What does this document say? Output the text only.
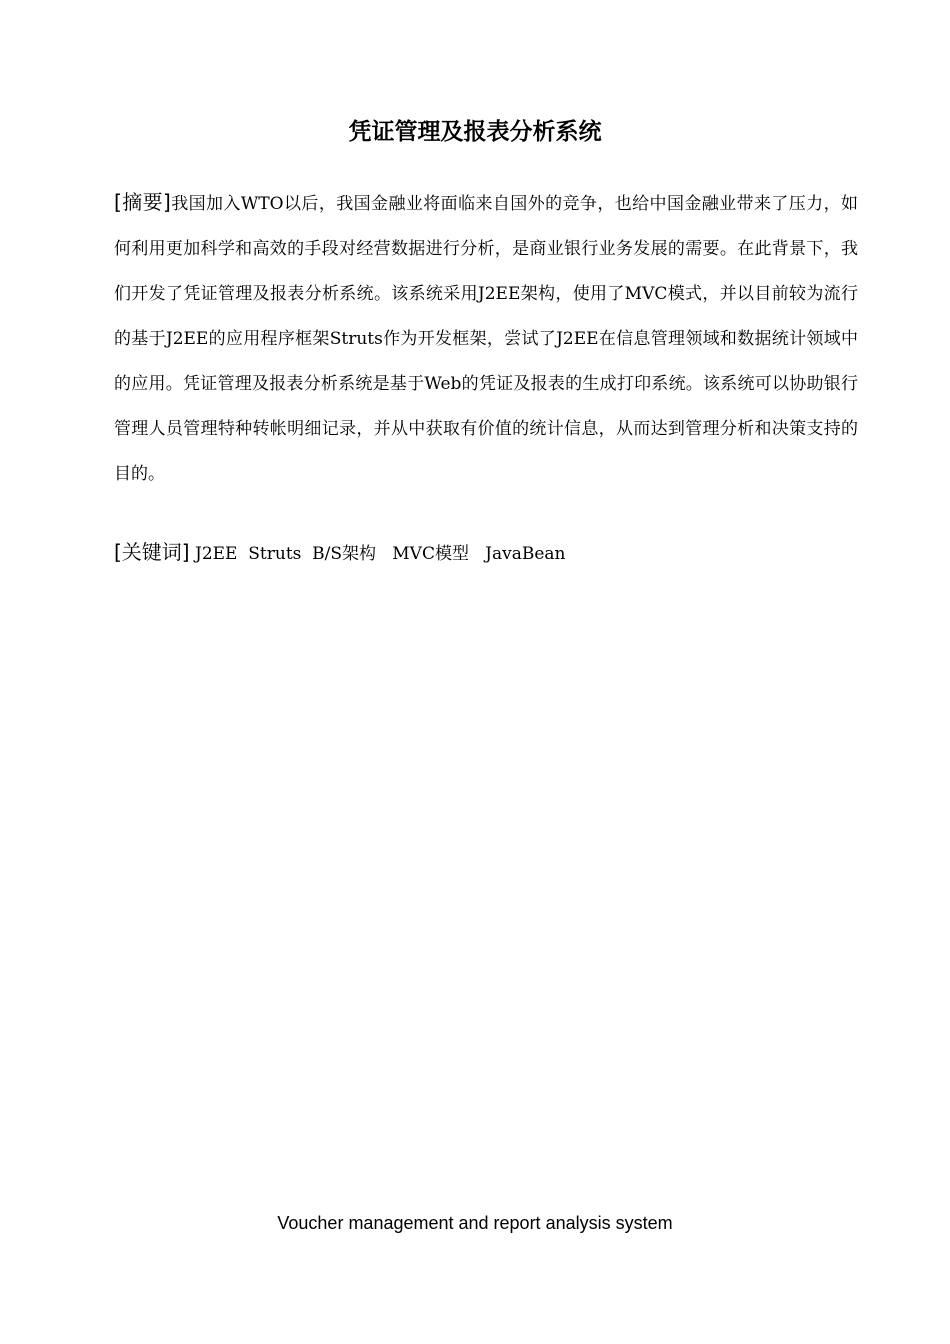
凭证管理及报表分析系统

[摘要]我国加入WTO以后，我国金融业将面临来自国外的竞争，也给中国金融业带来了压力，如何利用更加科学和高效的手段对经营数据进行分析，是商业银行业务发展的需要。在此背景下，我们开发了凭证管理及报表分析系统。该系统采用J2EE架构，使用了MVC模式，并以目前较为流行的基于J2EE的应用程序框架Struts作为开发框架，尝试了J2EE在信息管理领域和数据统计领域中的应用。凭证管理及报表分析系统是基于Web的凭证及报表的生成打印系统。该系统可以协助银行管理人员管理特种转帐明细记录，并从中获取有价值的统计信息，从而达到管理分析和决策支持的目的。

[关键词] J2EE  Struts  B/S架构   MVC模型   JavaBean

Voucher management and report analysis system
